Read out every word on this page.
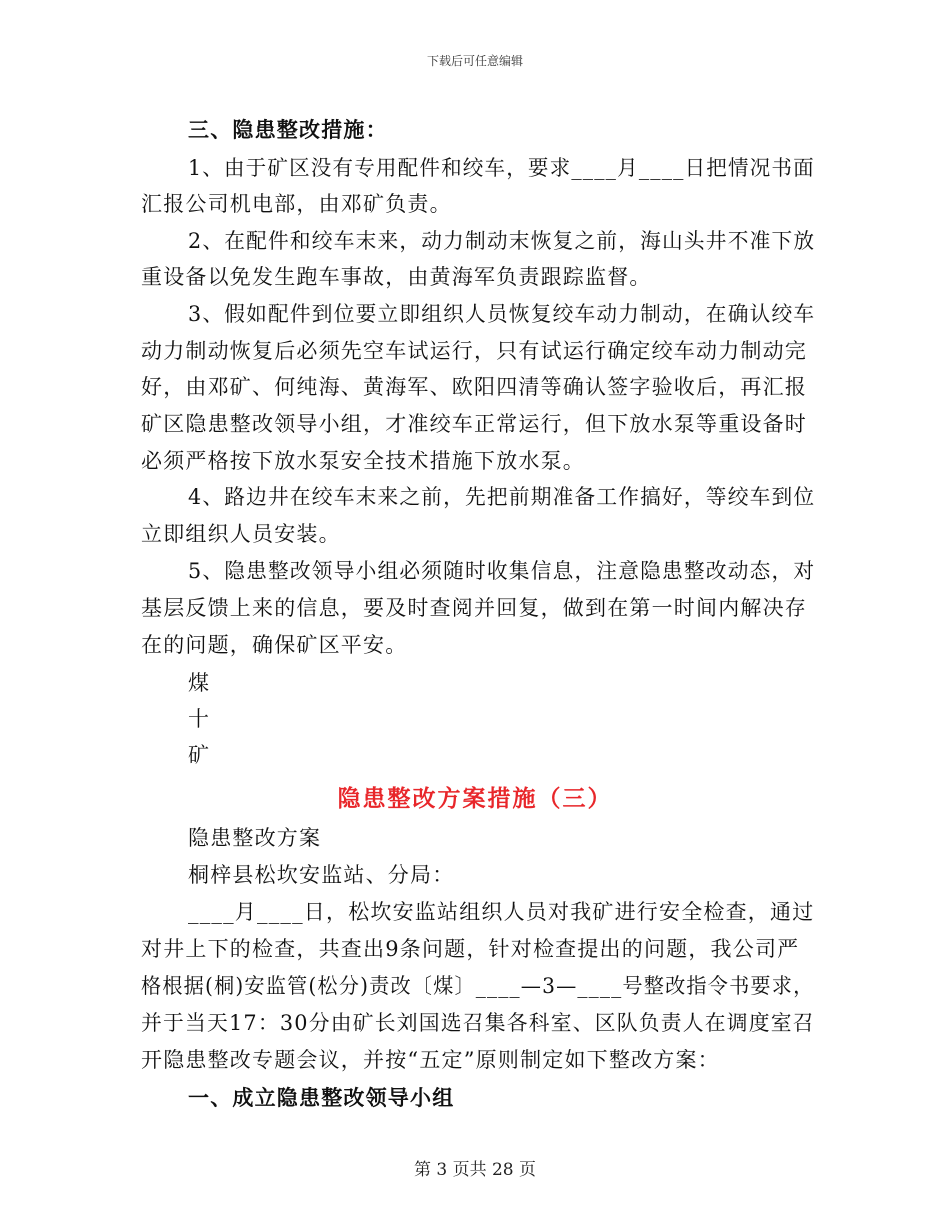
下载后可任意编辑
三、隐患整改措施：
1、由于矿区没有专用配件和绞车，要求____月____日把情况书面
汇报公司机电部，由邓矿负责。
2、在配件和绞车末来，动力制动末恢复之前，海山头井不准下放
重设备以免发生跑车事故，由黄海军负责跟踪监督。
3、假如配件到位要立即组织人员恢复绞车动力制动，在确认绞车
动力制动恢复后必须先空车试运行，只有试运行确定绞车动力制动完
好，由邓矿、何纯海、黄海军、欧阳四清等确认签字验收后，再汇报
矿区隐患整改领导小组，才准绞车正常运行，但下放水泵等重设备时
必须严格按下放水泵安全技术措施下放水泵。
4、路边井在绞车末来之前，先把前期准备工作搞好，等绞车到位
立即组织人员安装。
5、隐患整改领导小组必须随时收集信息，注意隐患整改动态，对
基层反馈上来的信息，要及时查阅并回复，做到在第一时间内解决存
在的问题，确保矿区平安。
煤
十
矿
隐患整改方案措施（三）
隐患整改方案
桐梓县松坎安监站、分局：
____月____日，松坎安监站组织人员对我矿进行安全检查，通过
对井上下的检查，共查出9条问题，针对检查提出的问题，我公司严
格根据(桐)安监管(松分)责改〔煤〕____—3—____号整改指令书要求，
并于当天17：30分由矿长刘国选召集各科室、区队负责人在调度室召
开隐患整改专题会议，并按“五定”原则制定如下整改方案：
一、成立隐患整改领导小组
第 3 页共 28 页
